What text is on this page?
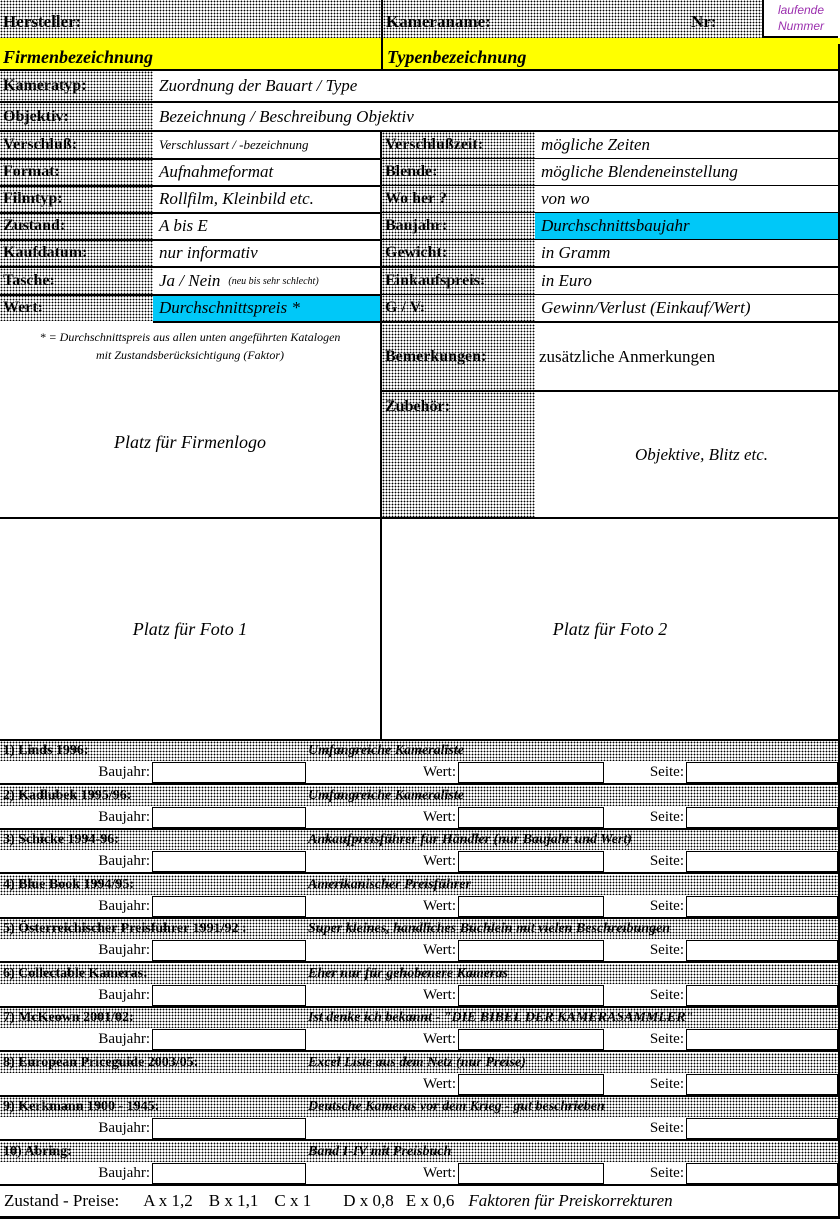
Hersteller:	Kameraname:	Nr:
laufende
Nummer
Firmenbezeichnung	Typenbezeichnung
Kameratyp:	Zuordnung der Bauart / Type
Objektiv:	Bezeichnung / Beschreibung Objektiv
Verschluß:	Verschlussart / -bezeichnung
Format:	Aufnahmeformat
Filmtyp:	Rollfilm, Kleinbild etc.
Zustand:	A bis E
Kaufdatum:	nur informativ
Tasche:	Ja / Nein (neu bis sehr schlecht)
Wert:	Durchschnittspreis *
Verschlußzeit:	mögliche Zeiten
Blende:	mögliche Blendeneinstellung
Wo her ?	von wo
Baujahr:	Durchschnittsbaujahr
Gewicht:	in Gramm
Einkaufspreis:	in Euro
G / V:	Gewinn/Verlust (Einkauf/Wert)
* = Durchschnittspreis aus allen unten angeführten Katalogen
mit Zustandsberücksichtigung (Faktor)
Platz für Firmenlogo
Bemerkungen:	zusätzliche Anmerkungen
Zubehör:
Objektive, Blitz etc.
Platz für Foto 1	Platz für Foto 2
1) Linds 1996:	Umfangreiche Kameraliste
Baujahr:	Wert:	Seite:
2) Kadlubek 1995/96:	Umfangreiche Kameraliste
Baujahr:	Wert:	Seite:
3) Schicke 1994-96:	Ankaufpreisführer für Händler (nur Baujahr und Wert)
Baujahr:	Wert:	Seite:
4) Blue Book 1994/95:	Amerikanischer Preisführer
Baujahr:	Wert:	Seite:
5) Österreichischer Preisführer 1991/92 :	Super kleines, handliches Büchlein mit vielen Beschreibungen
Baujahr:	Wert:	Seite:
6) Collectable Kameras:	Eher nur für gehobenere Kameras
Baujahr:	Wert:	Seite:
7) McKeown 2001/02:	Ist denke ich bekannt - "DIE BIBEL DER KAMERASAMMLER"
Baujahr:	Wert:	Seite:
8) European Priceguide 2003/05:	Excel Liste aus dem Netz (nur Preise)
Wert:	Seite:
9) Kerkmann 1900 - 1945:	Deutsche Kameras vor dem Krieg - gut beschrieben
Baujahr:	Seite:
10) Abring:	Band I-IV mit Preisbuch
Baujahr:	Wert:	Seite:
Zustand - Preise: A x 1,2 B x 1,1 C x 1 D x 0,8 E x 0,6 Faktoren für Preiskorrekturen
